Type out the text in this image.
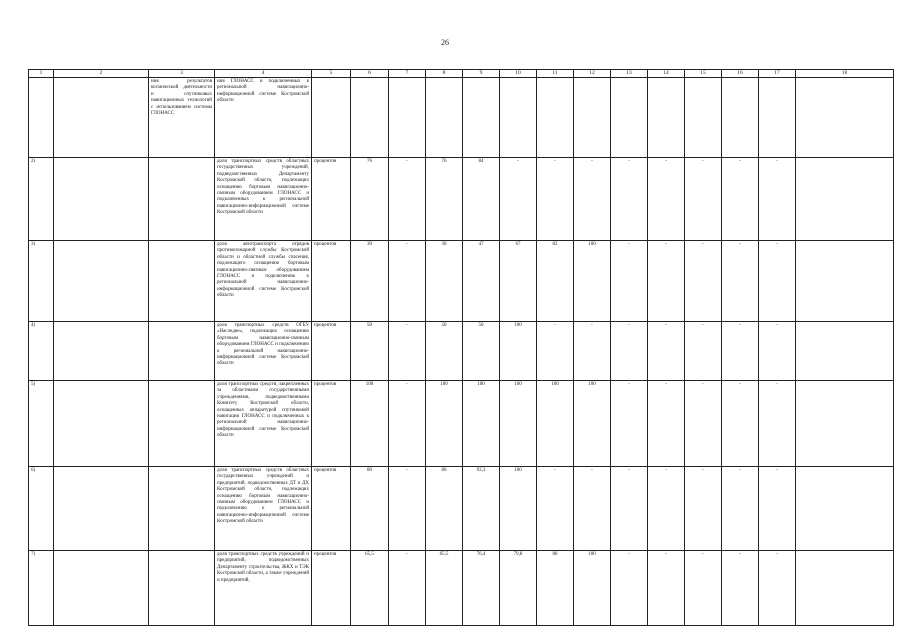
26
1	2	3	4	5	6	7	8	9	10	11	12	13	14	15	16	17	18
		ния результатов космической деятельности и спутниковых навигационных технологий с использованием системы ГЛОНАСС	ния ГЛОНАСС и подключенных к региональной навигационно-информационной системе Костромской области														
2)			доля транспортных средств областных государственных учреждений, подведомственных Департаменту Костромской области, подлежащих оснащению бортовым навигационно-связным оборудованием ГЛОНАСС и подключенных к региональной навигационно-информационной системе Костромской области	процентов	76	-	76	84	-	-	-	-	-	-	-	-	
3)			доля автотранспорта отрядов противопожарной службы Костромской области и областной службы спасения, подлежащего оснащению бортовым навигационно-связным оборудованием ГЛОНАСС и подключению к региональной навигационно-информационной системе Костромской области	процентов	30	-	30	47	67	82	100	-	-	-	-	-	
4)			доля транспортных средств ОГБУ «Наследие», подлежащих оснащению бортовым навигационно-связным оборудованием ГЛОНАСС и подключению к региональной навигационно-информационной системе Костромской области	процентов	50	-	50	50	100	-	-	-	-	-	-	-	
5)			доля транспортных средств, закрепленных за областными государственными учреждениями, подведомственными Комитету Костромской области, оснащенных аппаратурой спутниковой навигации ГЛОНАСС и подключенных к региональной навигационно-информационной системе Костромской области	процентов	100	-	100	100	100	100	100	-	-	-	-	-	
6)			доля транспортных средств областных государственных учреждений и предприятий, подведомственных ДТ и ДХ Костромской области, подлежащих оснащению бортовым навигационно-связным оборудованием ГЛОНАСС и подключению к региональной навигационно-информационной системе Костромской области	процентов	80	-	80	93,3	100	-	-	-	-	-	-	-	
7)			доля транспортных средств учреждений и предприятий, подведомственных Департаменту строительства, ЖКХ и ТЭК Костромской области, а также учреждений и предприятий,	процентов	65,5	-	65,5	76,4	79,8	88	100	-	-	-	-	-	
